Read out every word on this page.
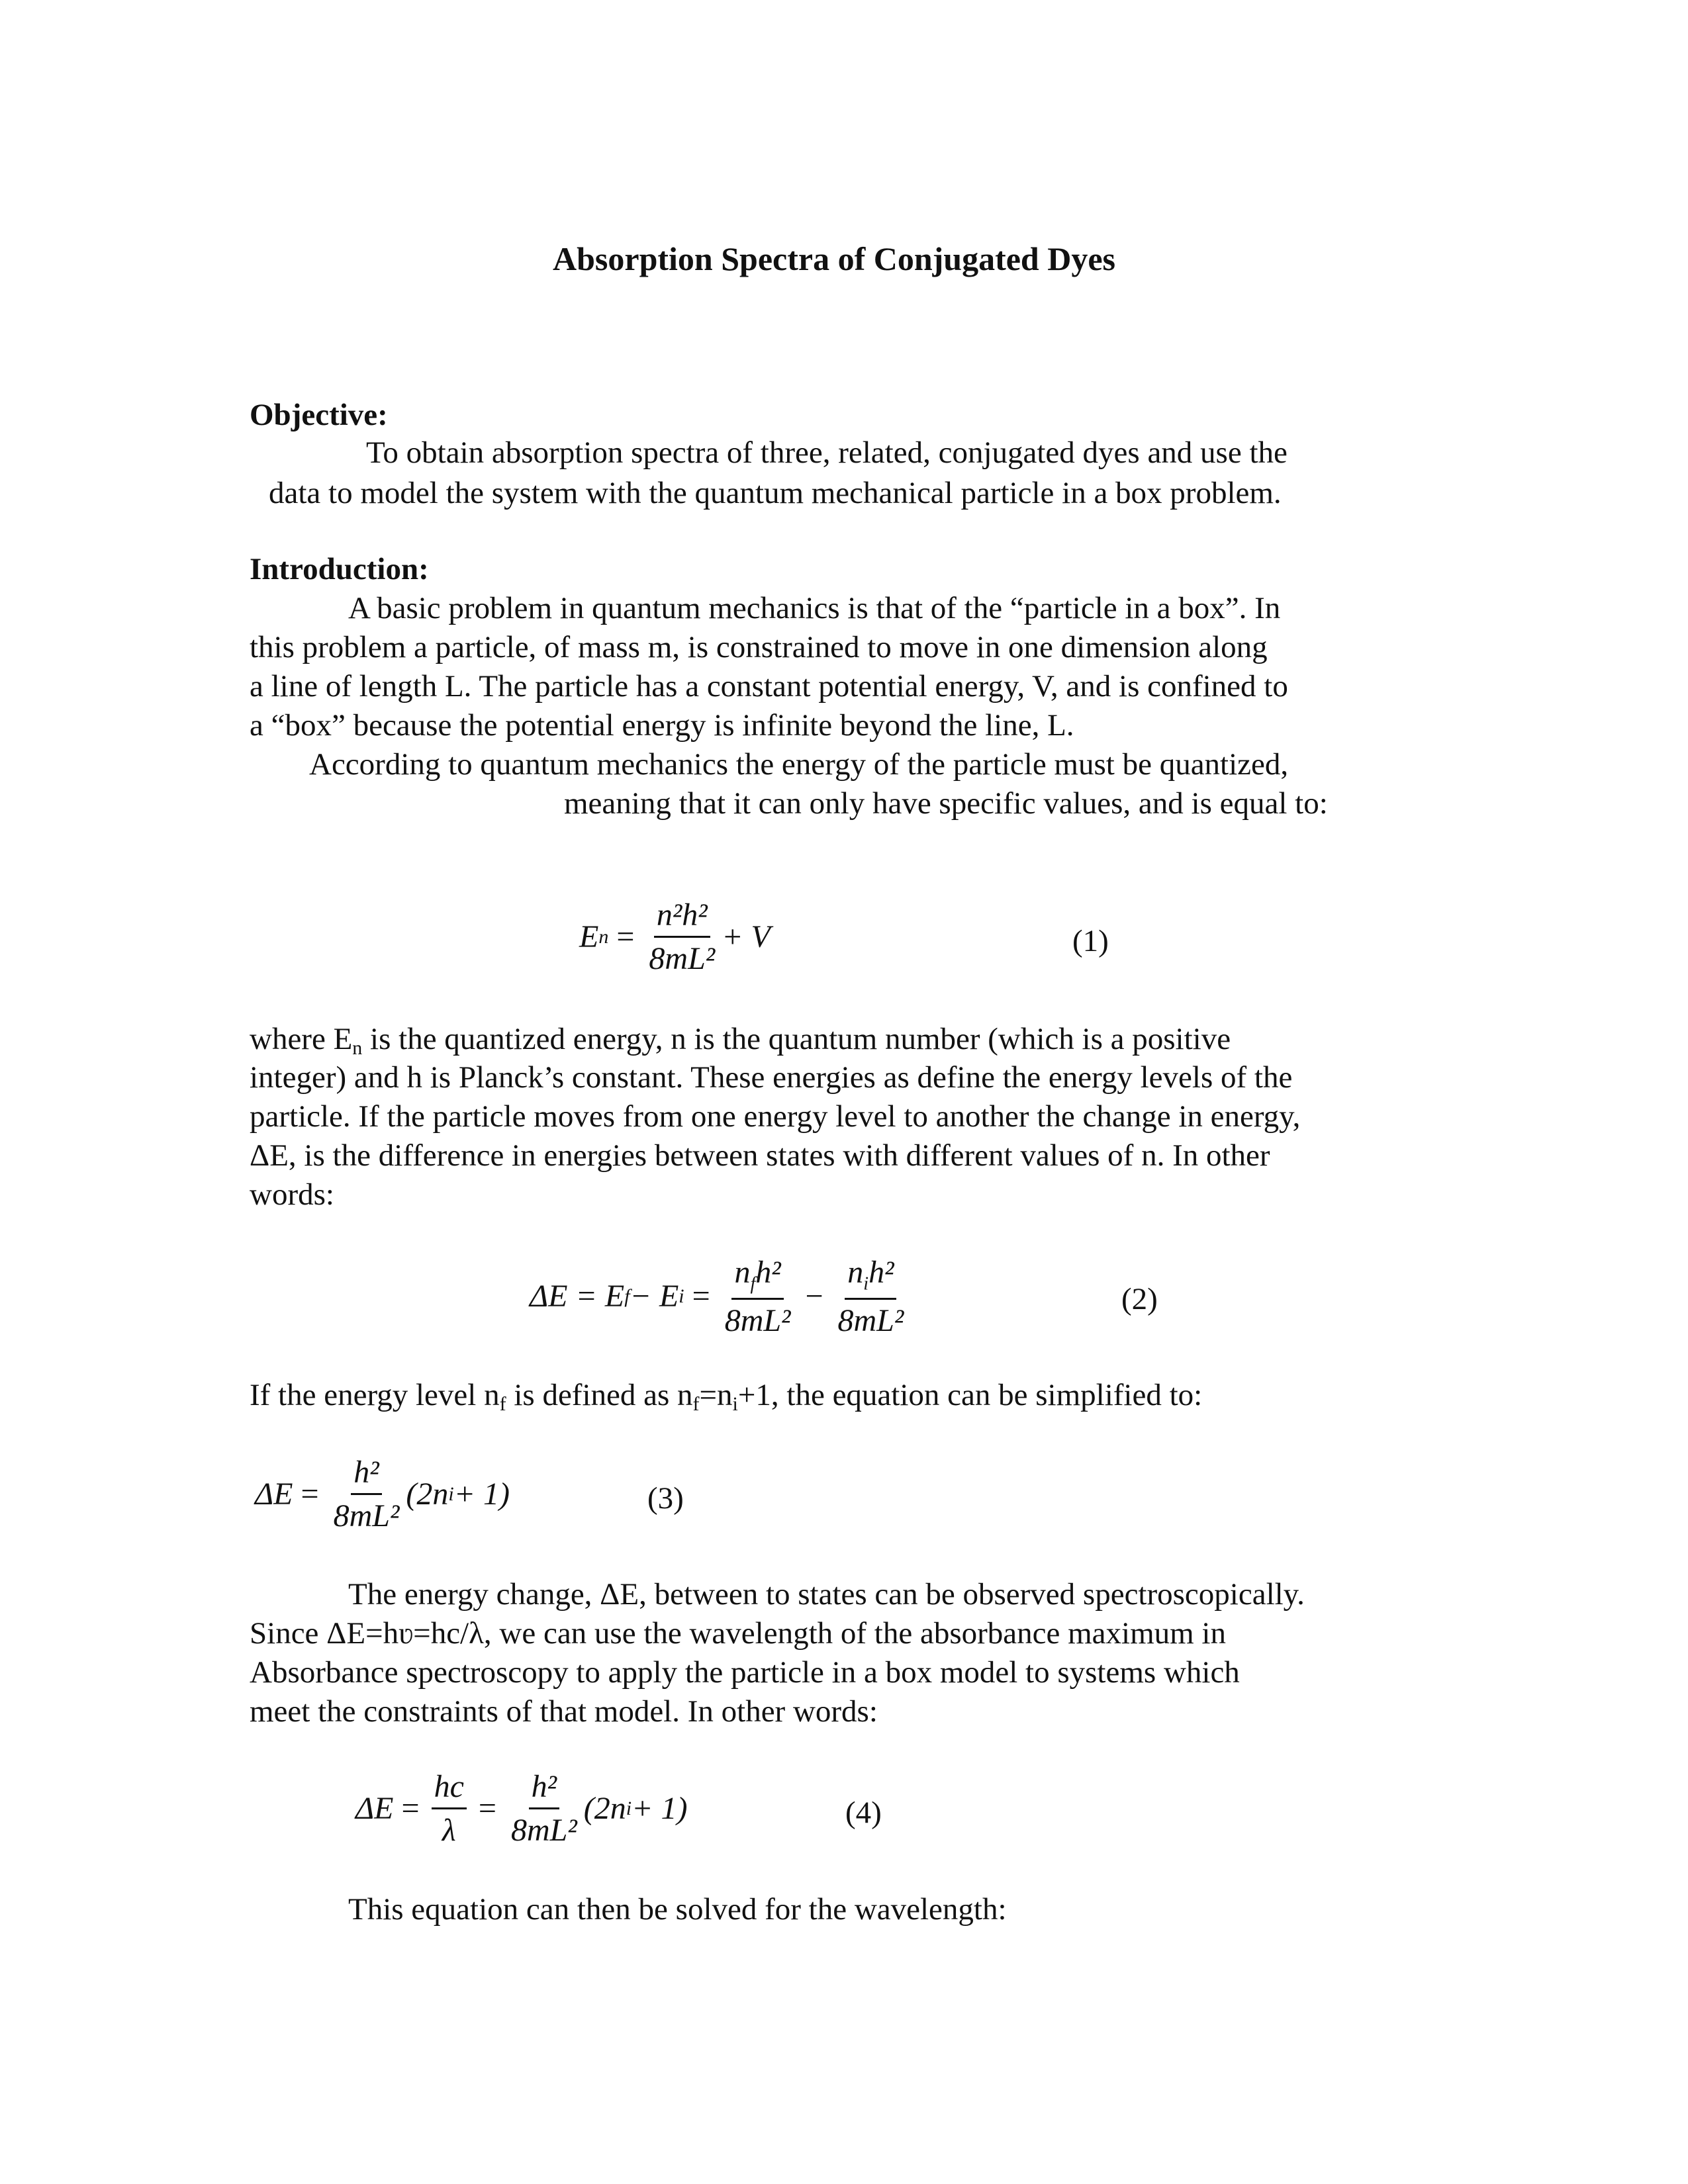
Absorption Spectra of Conjugated Dyes
Objective:
To obtain absorption spectra of three, related, conjugated dyes and use the
data to model the system with the quantum mechanical particle in a box problem.
Introduction:
A basic problem in quantum mechanics is that of the “particle in a box”. In
this problem a particle, of mass m, is constrained to move in one dimension along
a line of length L. The particle has a constant potential energy, V, and is confined to
a “box” because the potential energy is infinite beyond the line, L.
According to quantum mechanics the energy of the particle must be quantized,
meaning that it can only have specific values, and is equal to:
E $n = \frac{\text{n²h²}}{\text{8mL²}} + V$	(1)
where $E_n$ is the quantized energy, n is the quantum number (which is a positive
integer) and h is Planck’s constant. These energies as define the energy levels of the
particle. If the particle moves from one energy level to another the change in energy,
ΔE, is the difference in energies between states with different values of n. In other
words:
ΔE = E f − E $i = \frac{n_fh^2}{\text{8mL²}} - \frac{n_ih^2}{\text{8mL²}}$	(2)
If the energy level $n_f$ is defined as $n_f=n_i+1$, the equation can be simplified to:
$\Delta E = \frac{\text{h²}}{\text{8mL²}} (2n$ i + 1)	(3)
The energy change, ΔE, between to states can be observed spectroscopically.
Since ΔE=hʋ=hc/λ, we can use the wavelength of the absorbance maximum in
Absorbance spectroscopy to apply the particle in a box model to systems which
meet the constraints of that model. In other words:
$\Delta E = \frac{hc}{\lambda} = \frac{\text{h²}}{\text{8mL²}} (2n$ i + 1)	(4)
This equation can then be solved for the wavelength:
